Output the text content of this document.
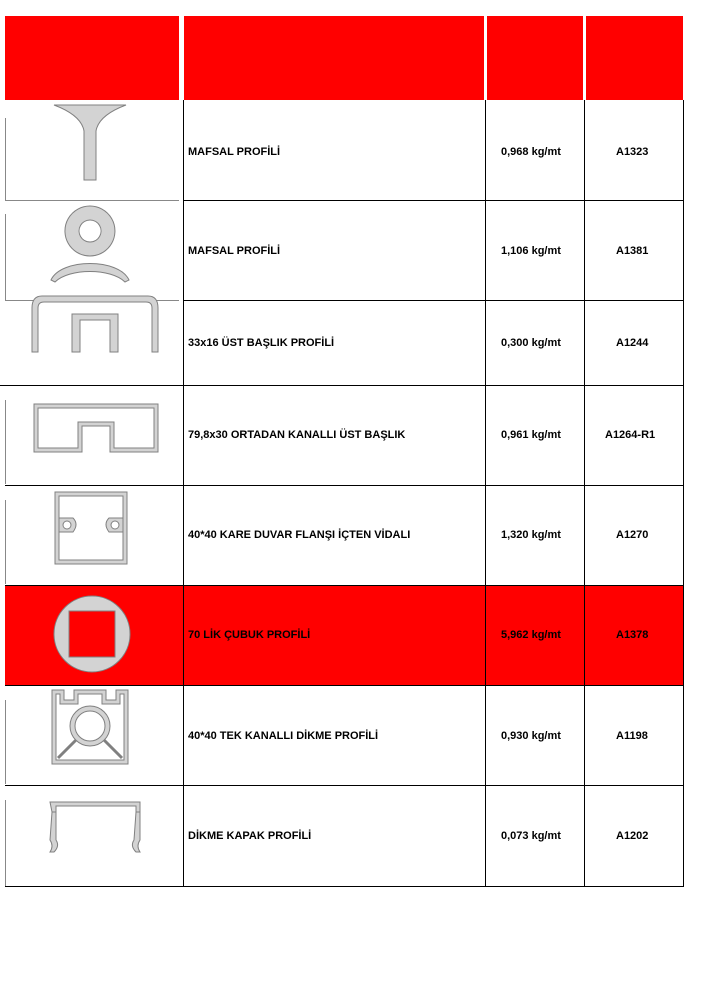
MAFSAL PROFİLİ	0,968 kg/mt	A1323
MAFSAL PROFİLİ	1,106 kg/mt	A1381
33x16 ÜST BAŞLIK PROFİLİ	0,300 kg/mt	A1244
79,8x30 ORTADAN KANALLI ÜST BAŞLIK	0,961 kg/mt	A1264-R1
40*40 KARE DUVAR FLANŞI İÇTEN VİDALI	1,320 kg/mt	A1270
70 LİK ÇUBUK PROFİLİ	5,962 kg/mt	A1378
40*40 TEK KANALLI DİKME PROFİLİ	0,930 kg/mt	A1198
DİKME KAPAK PROFİLİ	0,073 kg/mt	A1202
